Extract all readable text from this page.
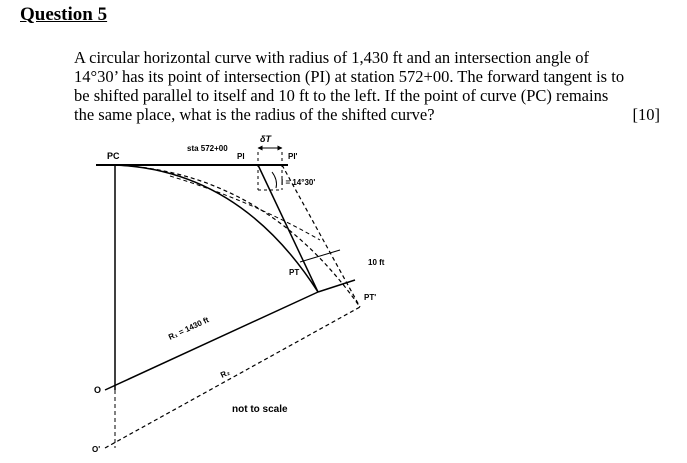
Question 5
A circular horizontal curve with radius of 1,430 ft and an intersection angle of
14°30’ has its point of intersection (PI) at station 572+00. The forward tangent is to
be shifted parallel to itself and 10 ft to the left. If the point of curve (PC) remains
the same place, what is the radius of the shifted curve?	[10]
PC
sta 572+00
δT
PI	PI'
I = 14°30'
PT
PT'
10 ft
R₁ = 1430 ft
R₂
O
O'
not to scale
